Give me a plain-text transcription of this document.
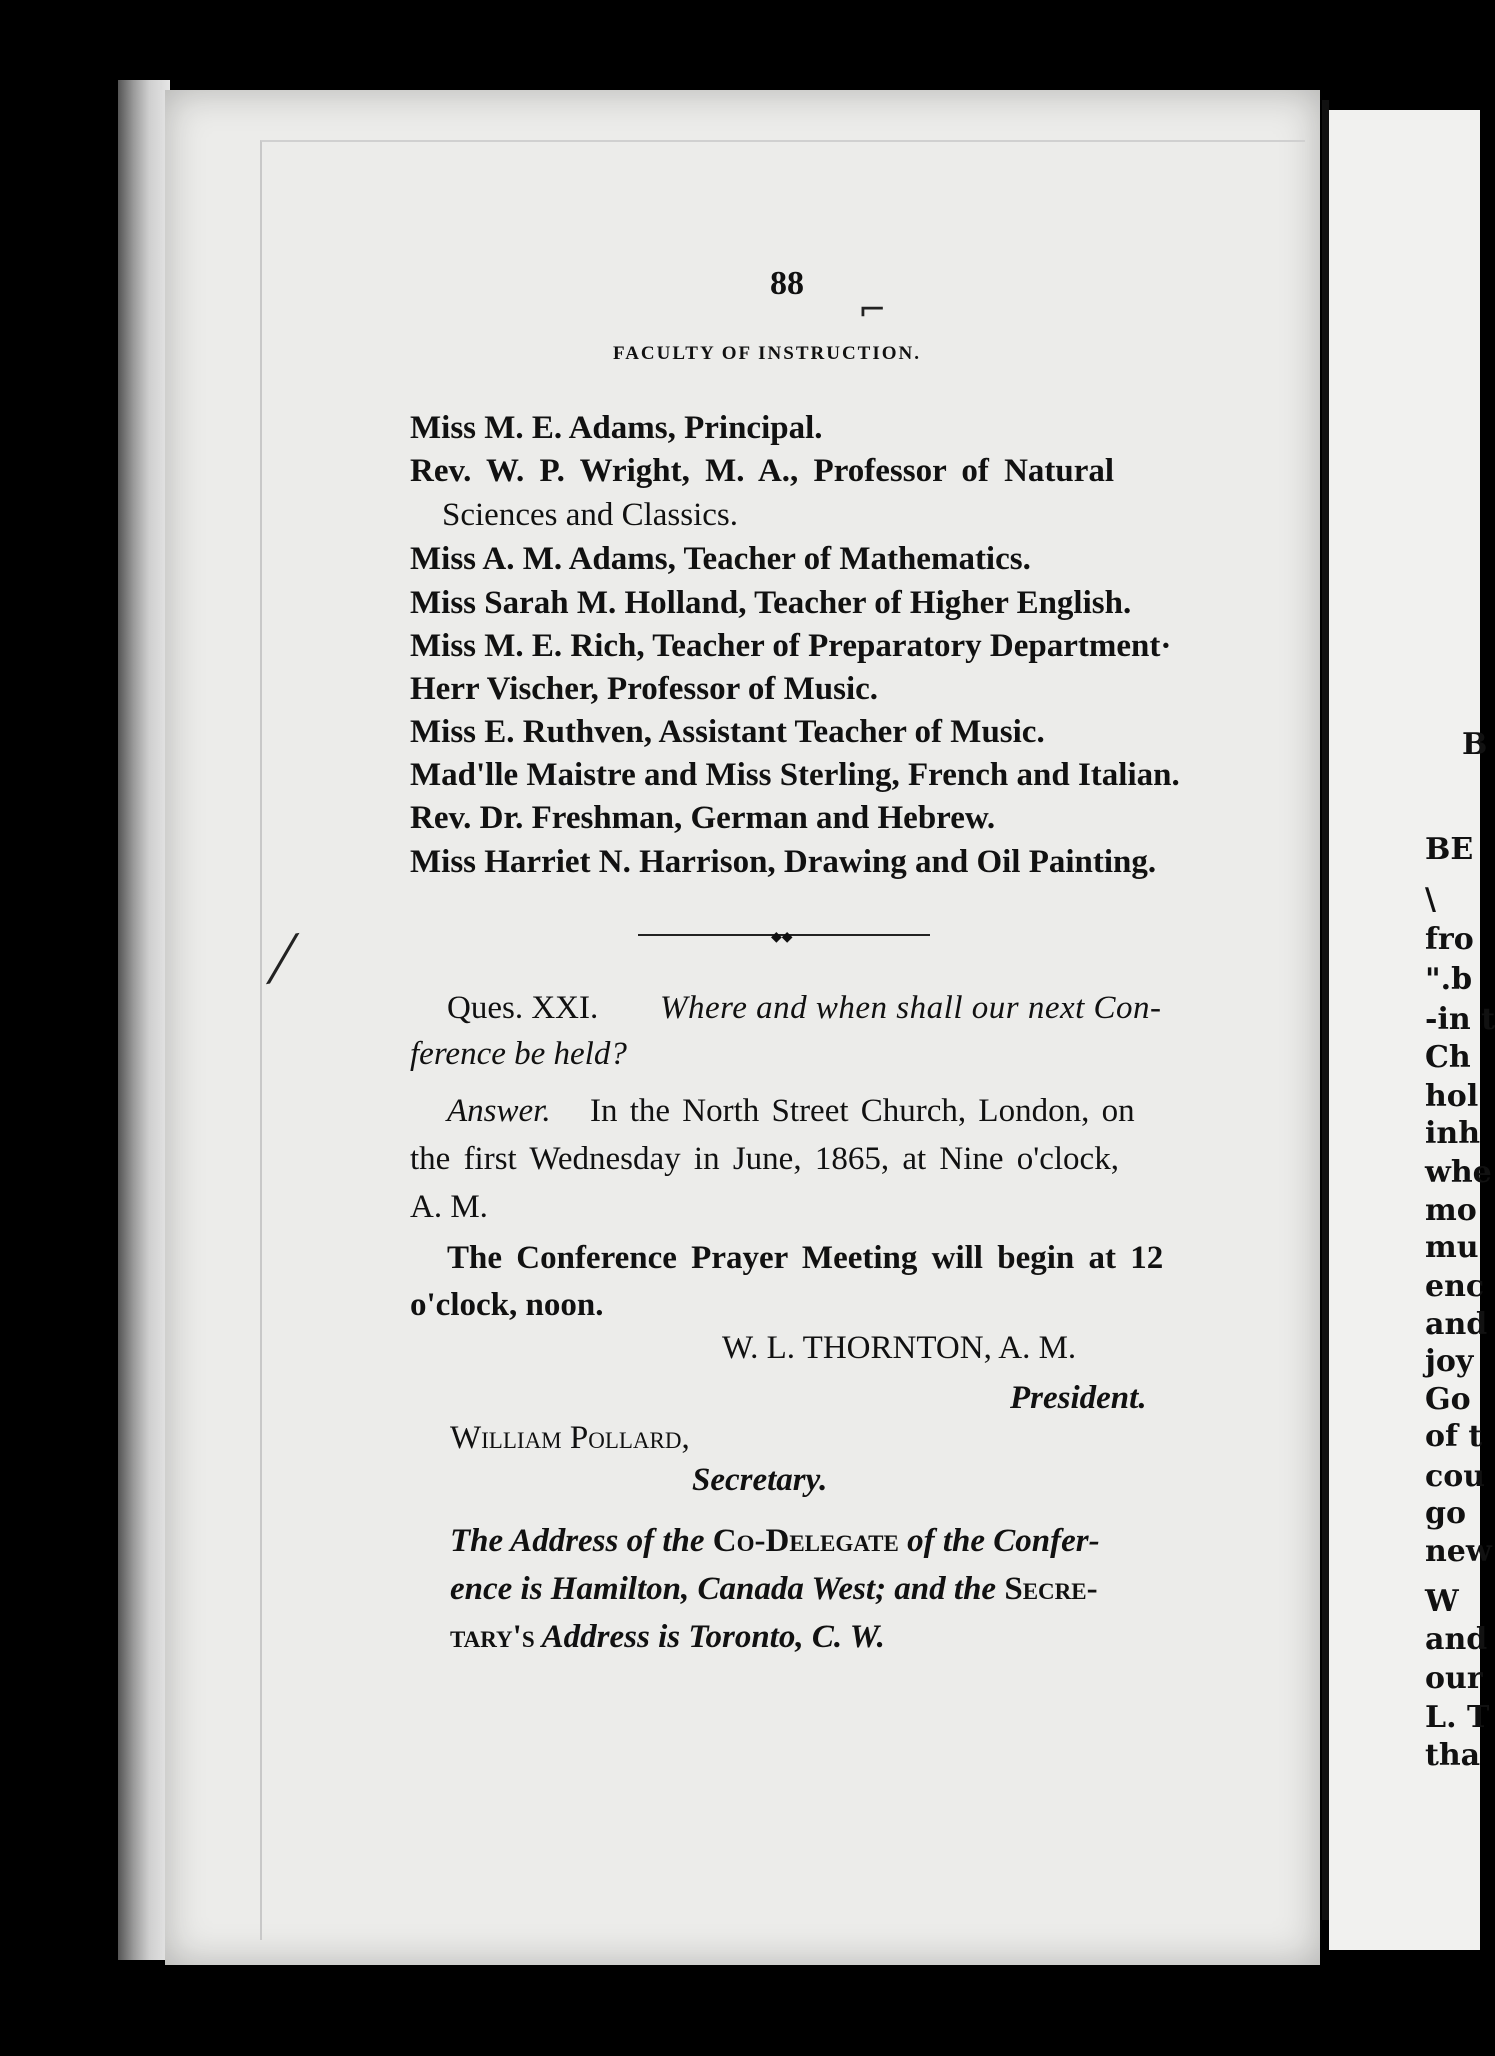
B
BE
\
fro
".b
-in t
Ch
hol
inh
whe
mo
mu
enc
and
joy
Go
of t
cou
go
new
W
and
our
L. T
tha
88
FACULTY OF INSTRUCTION.
Miss M. E. Adams, Principal.
Rev. W. P. Wright, M. A., Professor of Natural
Sciences and Classics.
Miss A. M. Adams, Teacher of Mathematics.
Miss Sarah M. Holland, Teacher of Higher English.
Miss M. E. Rich, Teacher of Preparatory Department·
Herr Vischer, Professor of Music.
Miss E. Ruthven, Assistant Teacher of Music.
Mad'lle Maistre and Miss Sterling, French and Italian.
Rev. Dr. Freshman, German and Hebrew.
Miss Harriet N. Harrison, Drawing and Oil Painting.
◆◆
Ques. XXI. Where and when shall our next Con-
ference be held?
Answer. In the North Street Church, London, on
the first Wednesday in June, 1865, at Nine o'clock,
A. M.
The Conference Prayer Meeting will begin at 12
o'clock, noon.
W. L. THORNTON, A. M.
President.
William Pollard,
Secretary.
The Address of the Co-Delegate of the Confer-
ence is Hamilton, Canada West; and the Secre-
tary's Address is Toronto, C. W.
⌐
⟋
